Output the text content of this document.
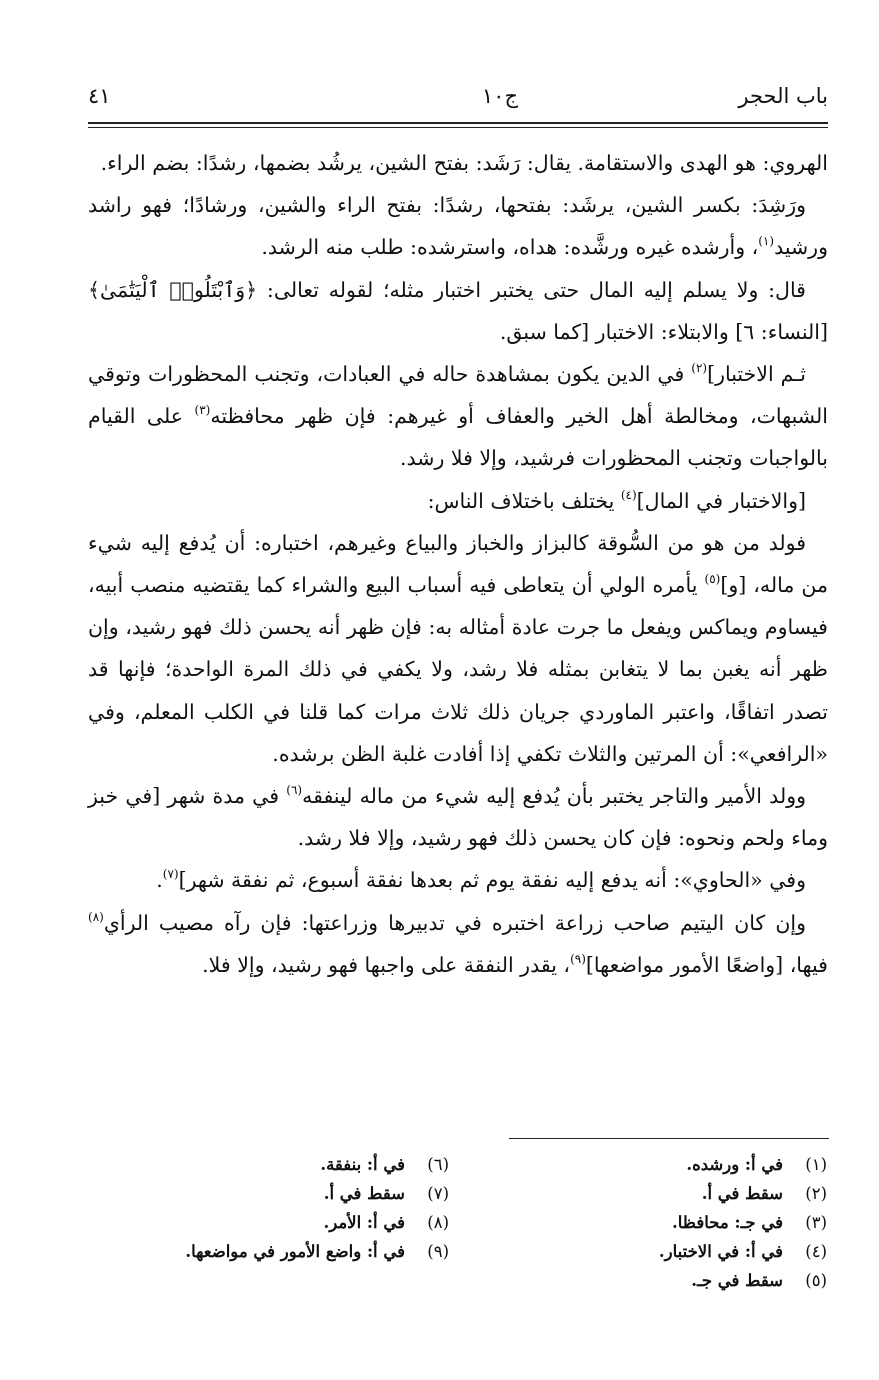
باب الحجر
ج١٠
٤١

الهروي: هو الهدى والاستقامة. يقال: رَشَد: بفتح الشين، يرشُد بضمها، رشدًا: بضم الراء.

ورَشِدَ: بكسر الشين، يرشَد: بفتحها، رشدًا: بفتح الراء والشين، ورشادًا؛ فهو راشد ورشيد$^{(١)}$، وأرشده غيره ورشَّده: هداه، واسترشده: طلب منه الرشد.

قال: ولا يسلم إليه المال حتى يختبر اختبار مثله؛ لقوله تعالى: ﴿وَٱبْتَلُوا۟ ٱلْيَتَٰمَىٰ﴾ [النساء: ٦] والابتلاء: الاختبار [كما سبق.

ثـم الاختبار]$^{(٢)}$ في الدين يكون بمشاهدة حاله في العبادات، وتجنب المحظورات وتوقي الشبهات، ومخالطة أهل الخير والعفاف أو غيرهم: فإن ظهر محافظته$^{(٣)}$ على القيام بالواجبات وتجنب المحظورات فرشيد، وإلا فلا رشد.

[والاختبار في المال]$^{(٤)}$ يختلف باختلاف الناس:

فولد من هو من السُّوقة كالبزاز والخباز والبياع وغيرهم، اختباره: أن يُدفع إليه شيء من ماله، [و]$^{(٥)}$ يأمره الولي أن يتعاطى فيه أسباب البيع والشراء كما يقتضيه منصب أبيه، فيساوم ويماكس ويفعل ما جرت عادة أمثاله به: فإن ظهر أنه يحسن ذلك فهو رشيد، وإن ظهر أنه يغبن بما لا يتغابن بمثله فلا رشد، ولا يكفي في ذلك المرة الواحدة؛ فإنها قد تصدر اتفاقًا، واعتبر الماوردي جريان ذلك ثلاث مرات كما قلنا في الكلب المعلم، وفي «الرافعي»: أن المرتين والثلاث تكفي إذا أفادت غلبة الظن برشده.

وولد الأمير والتاجر يختبر بأن يُدفع إليه شيء من ماله لينفقه$^{(٦)}$ في مدة شهر [في خبز وماء ولحم ونحوه: فإن كان يحسن ذلك فهو رشيد، وإلا فلا رشد.

وفي «الحاوي»: أنه يدفع إليه نفقة يوم ثم بعدها نفقة أسبوع، ثم نفقة شهر]$^{(٧)}$.

وإن كان اليتيم صاحب زراعة اختبره في تدبيرها وزراعتها: فإن رآه مصيب الرأي$^{(٨)}$ فيها، [واضعًا الأمور مواضعها]$^{(٩)}$، يقدر النفقة على واجبها فهو رشيد، وإلا فلا.

(١)في أ: ورشده.
(٢)سقط في أ.
(٣)في جـ: محافظا.
(٤)في أ: في الاختبار.
(٥)سقط في جـ.
(٦)في أ: بنفقة.
(٧)سقط في أ.
(٨)في أ: الأمر.
(٩)في أ: واضع الأمور في مواضعها.
